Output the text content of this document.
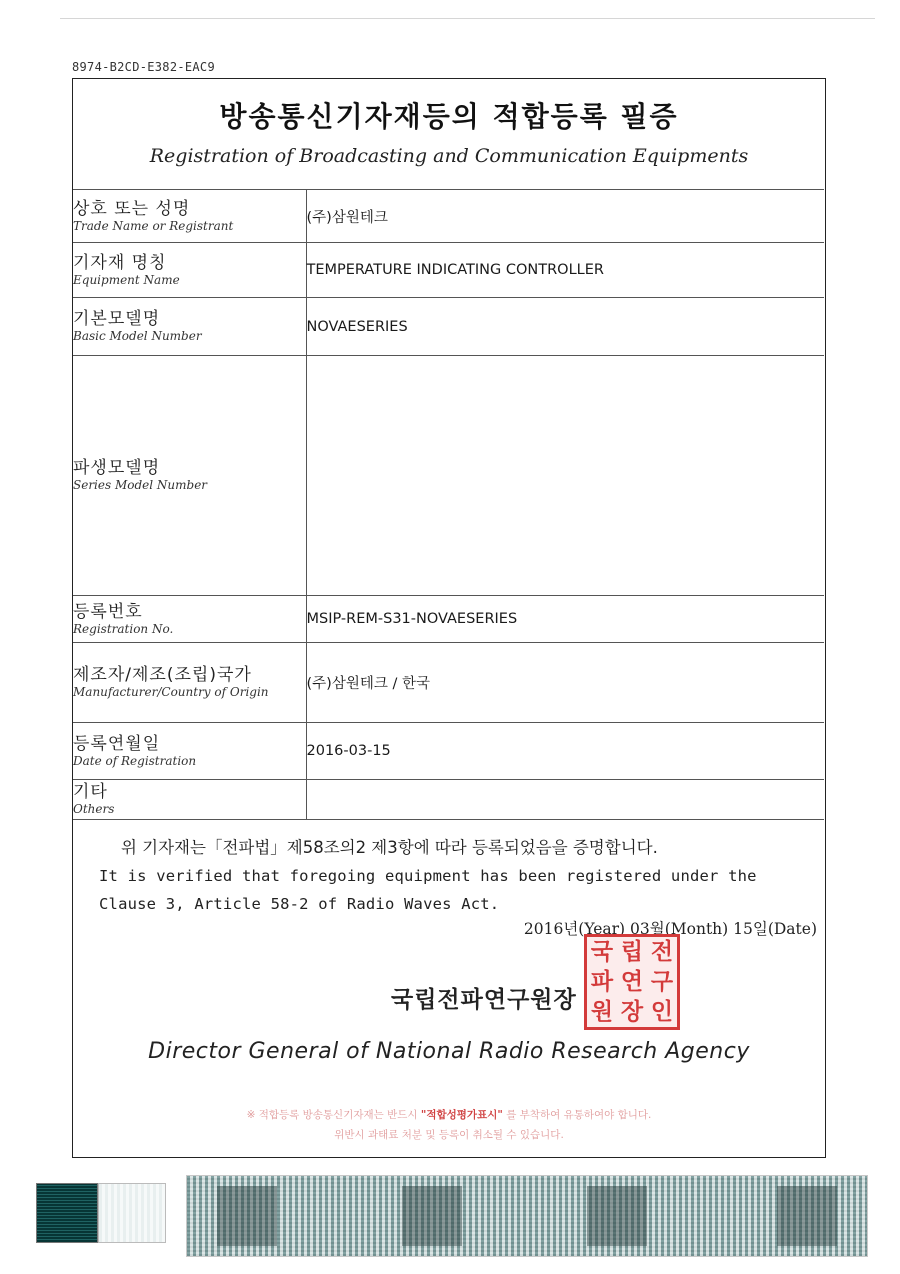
8974-B2CD-E382-EAC9
방송통신기자재등의 적합등록 필증
Registration of Broadcasting and Communication Equipments
상호 또는 성명
Trade Name or Registrant	(주)삼원테크

기자재 명칭
Equipment Name	TEMPERATURE INDICATING CONTROLLER

기본모델명
Basic Model Number	NOVAESERIES

파생모델명
Series Model Number	

등록번호
Registration No.	MSIP-REM-S31-NOVAESERIES

제조자/제조(조립)국가
Manufacturer/Country of Origin	(주)삼원테크 / 한국

등록연월일
Date of Registration	2016-03-15

기타
Others	

위 기자재는「전파법」제58조의2 제3항에 따라 등록되었음을 증명합니다.
It is verified that foregoing equipment has been registered under the Clause 3, Article 58-2 of Radio Waves Act.
2016년(Year) 03월(Month) 15일(Date)
국립전파연구원장
국 립 전
파 연 구
원 장 인
Director General of National Radio Research Agency
※ 적합등록 방송통신기자재는 반드시 "적합성평가표시" 를 부착하여 유통하여야 합니다.
위반시 과태료 처분 및 등록이 취소될 수 있습니다.
